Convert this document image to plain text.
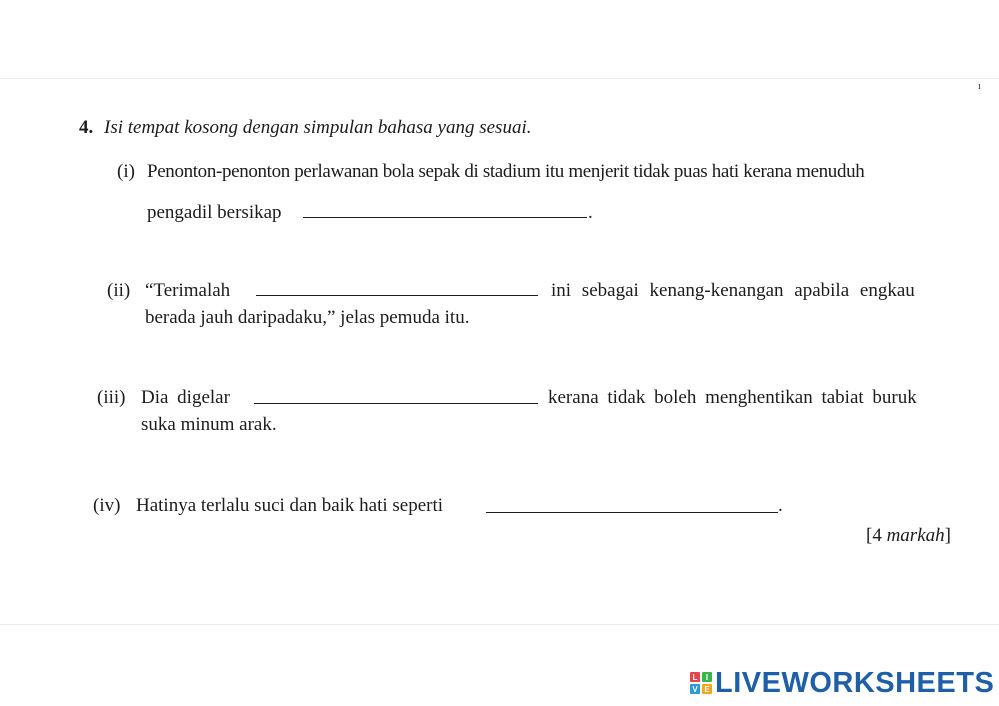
ı
4. Isi tempat kosong dengan simpulan bahasa yang sesuai.
(i) Penonton-penonton perlawanan bola sepak di stadium itu menjerit tidak puas hati kerana menuduh
pengadil bersikap	.
(ii) “Terimalah	ini sebagai kenang-kenangan apabila engkau
berada jauh daripadaku,” jelas pemuda itu.
(iii) Dia digelar	kerana tidak boleh menghentikan tabiat buruk
suka minum arak.
(iv) Hatinya terlalu suci dan baik hati seperti	.
[4 markah]
L	I
V E LIVEWORKSHEETS
